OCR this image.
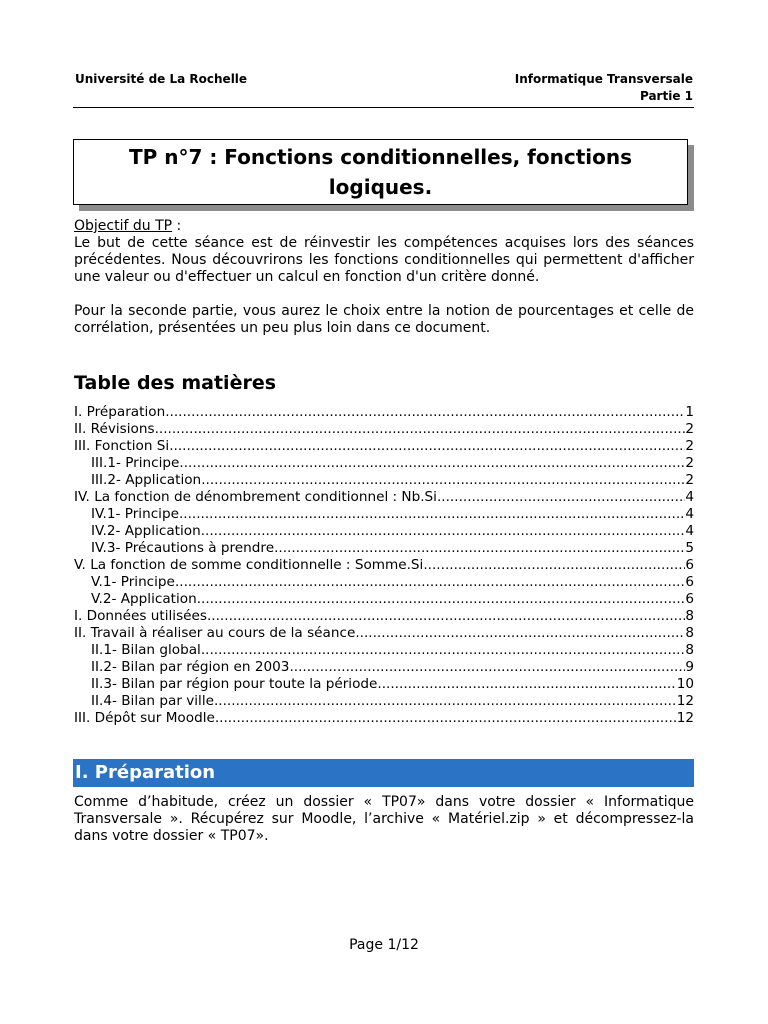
Université de La Rochelle	Informatique Transversale
Partie 1
TP n°7 : Fonctions conditionnelles, fonctions
logiques.
Objectif du TP :
Le but de cette séance est de réinvestir les compétences acquises lors des séances précédentes. Nous découvrirons les fonctions conditionnelles qui permettent d'afficher une valeur ou d'effectuer un calcul en fonction d'un critère donné.
Pour la seconde partie, vous aurez le choix entre la notion de pourcentages et celle de corrélation, présentées un peu plus loin dans ce document.
Table des matières
I. Préparation .....	1
II. Révisions .....	2
III. Fonction Si .....	2
III.1- Principe .....	2
III.2- Application .....	2
IV. La fonction de dénombrement conditionnel : Nb.Si .....	4
IV.1- Principe .....	4
IV.2- Application .....	4
IV.3- Précautions à prendre .....	5
V. La fonction de somme conditionnelle : Somme.Si .....	6
V.1- Principe .....	6
V.2- Application .....	6
I. Données utilisées .....	8
II. Travail à réaliser au cours de la séance .....	8
II.1- Bilan global .....	8
II.2- Bilan par région en 2003 .....	9
II.3- Bilan par région pour toute la période .....	10
II.4- Bilan par ville .....	12
III. Dépôt sur Moodle .....	12
I. Préparation
Comme d’habitude, créez un dossier « TP07» dans votre dossier « Informatique Transversale ». Récupérez sur Moodle, l’archive « Matériel.zip » et décompressez-la dans votre dossier « TP07».
Page 1/12
